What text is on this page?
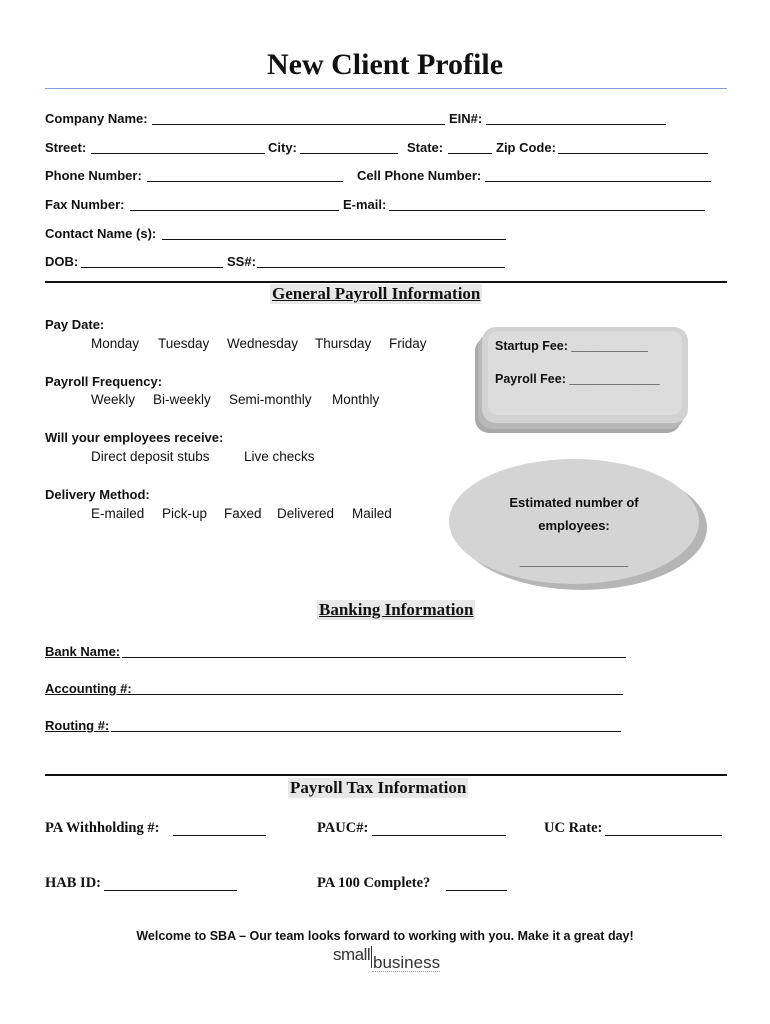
New Client Profile
Company Name:	EIN#:
Street:	City:	State:	Zip Code:
Phone Number:	Cell Phone Number:
Fax Number:	E-mail:
Contact Name (s):
DOB:	SS#:
General Payroll Information
Pay Date:
Monday Tuesday Wednesday Thursday Friday
Payroll Frequency:
Weekly Bi-weekly Semi-monthly Monthly
Will your employees receive:
Direct deposit stubs	Live checks
Delivery Method:
E-mailed Pick-up Faxed Delivered Mailed
Startup Fee: ___________
Payroll Fee: _____________
Estimated number of
employees:
_______________
Banking Information
Bank Name:
Accounting #:
Routing #:
Payroll Tax Information
PA Withholding #:	PAUC#:	UC Rate:
HAB ID:	PA 100 Complete?
Welcome to SBA – Our team looks forward to working with you. Make it a great day!
small business
